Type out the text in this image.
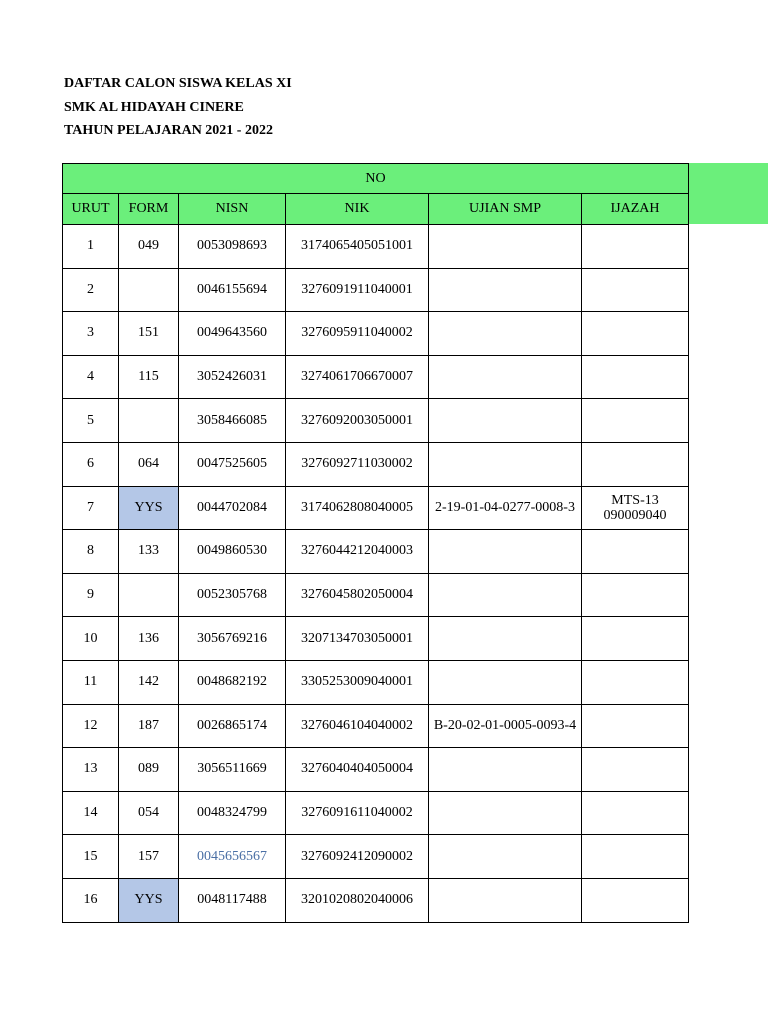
DAFTAR CALON SISWA KELAS XI
SMK AL HIDAYAH CINERE
TAHUN PELAJARAN 2021 - 2022
NO					
URUT	FORM	NISN	NIK	UJIAN SMP	IJAZAH
1	049	0053098693	3174065405051001		

2		0046155694	3276091911040001		

3	151	0049643560	3276095911040002		

4	115	3052426031	3274061706670007		

5		3058466085	3276092003050001		

6	064	0047525605	3276092711030002		

7	YYS	0044702084	3174062808040005	2-19-01-04-0277-0008-3	MTS-13
090009040

8	133	0049860530	3276044212040003		

9		0052305768	3276045802050004		

10	136	3056769216	3207134703050001		

11	142	0048682192	3305253009040001		

12	187	0026865174	3276046104040002	B-20-02-01-0005-0093-4	

13	089	3056511669	3276040404050004		

14	054	0048324799	3276091611040002		

15	157	0045656567	3276092412090002		

16	YYS	0048117488	3201020802040006		
